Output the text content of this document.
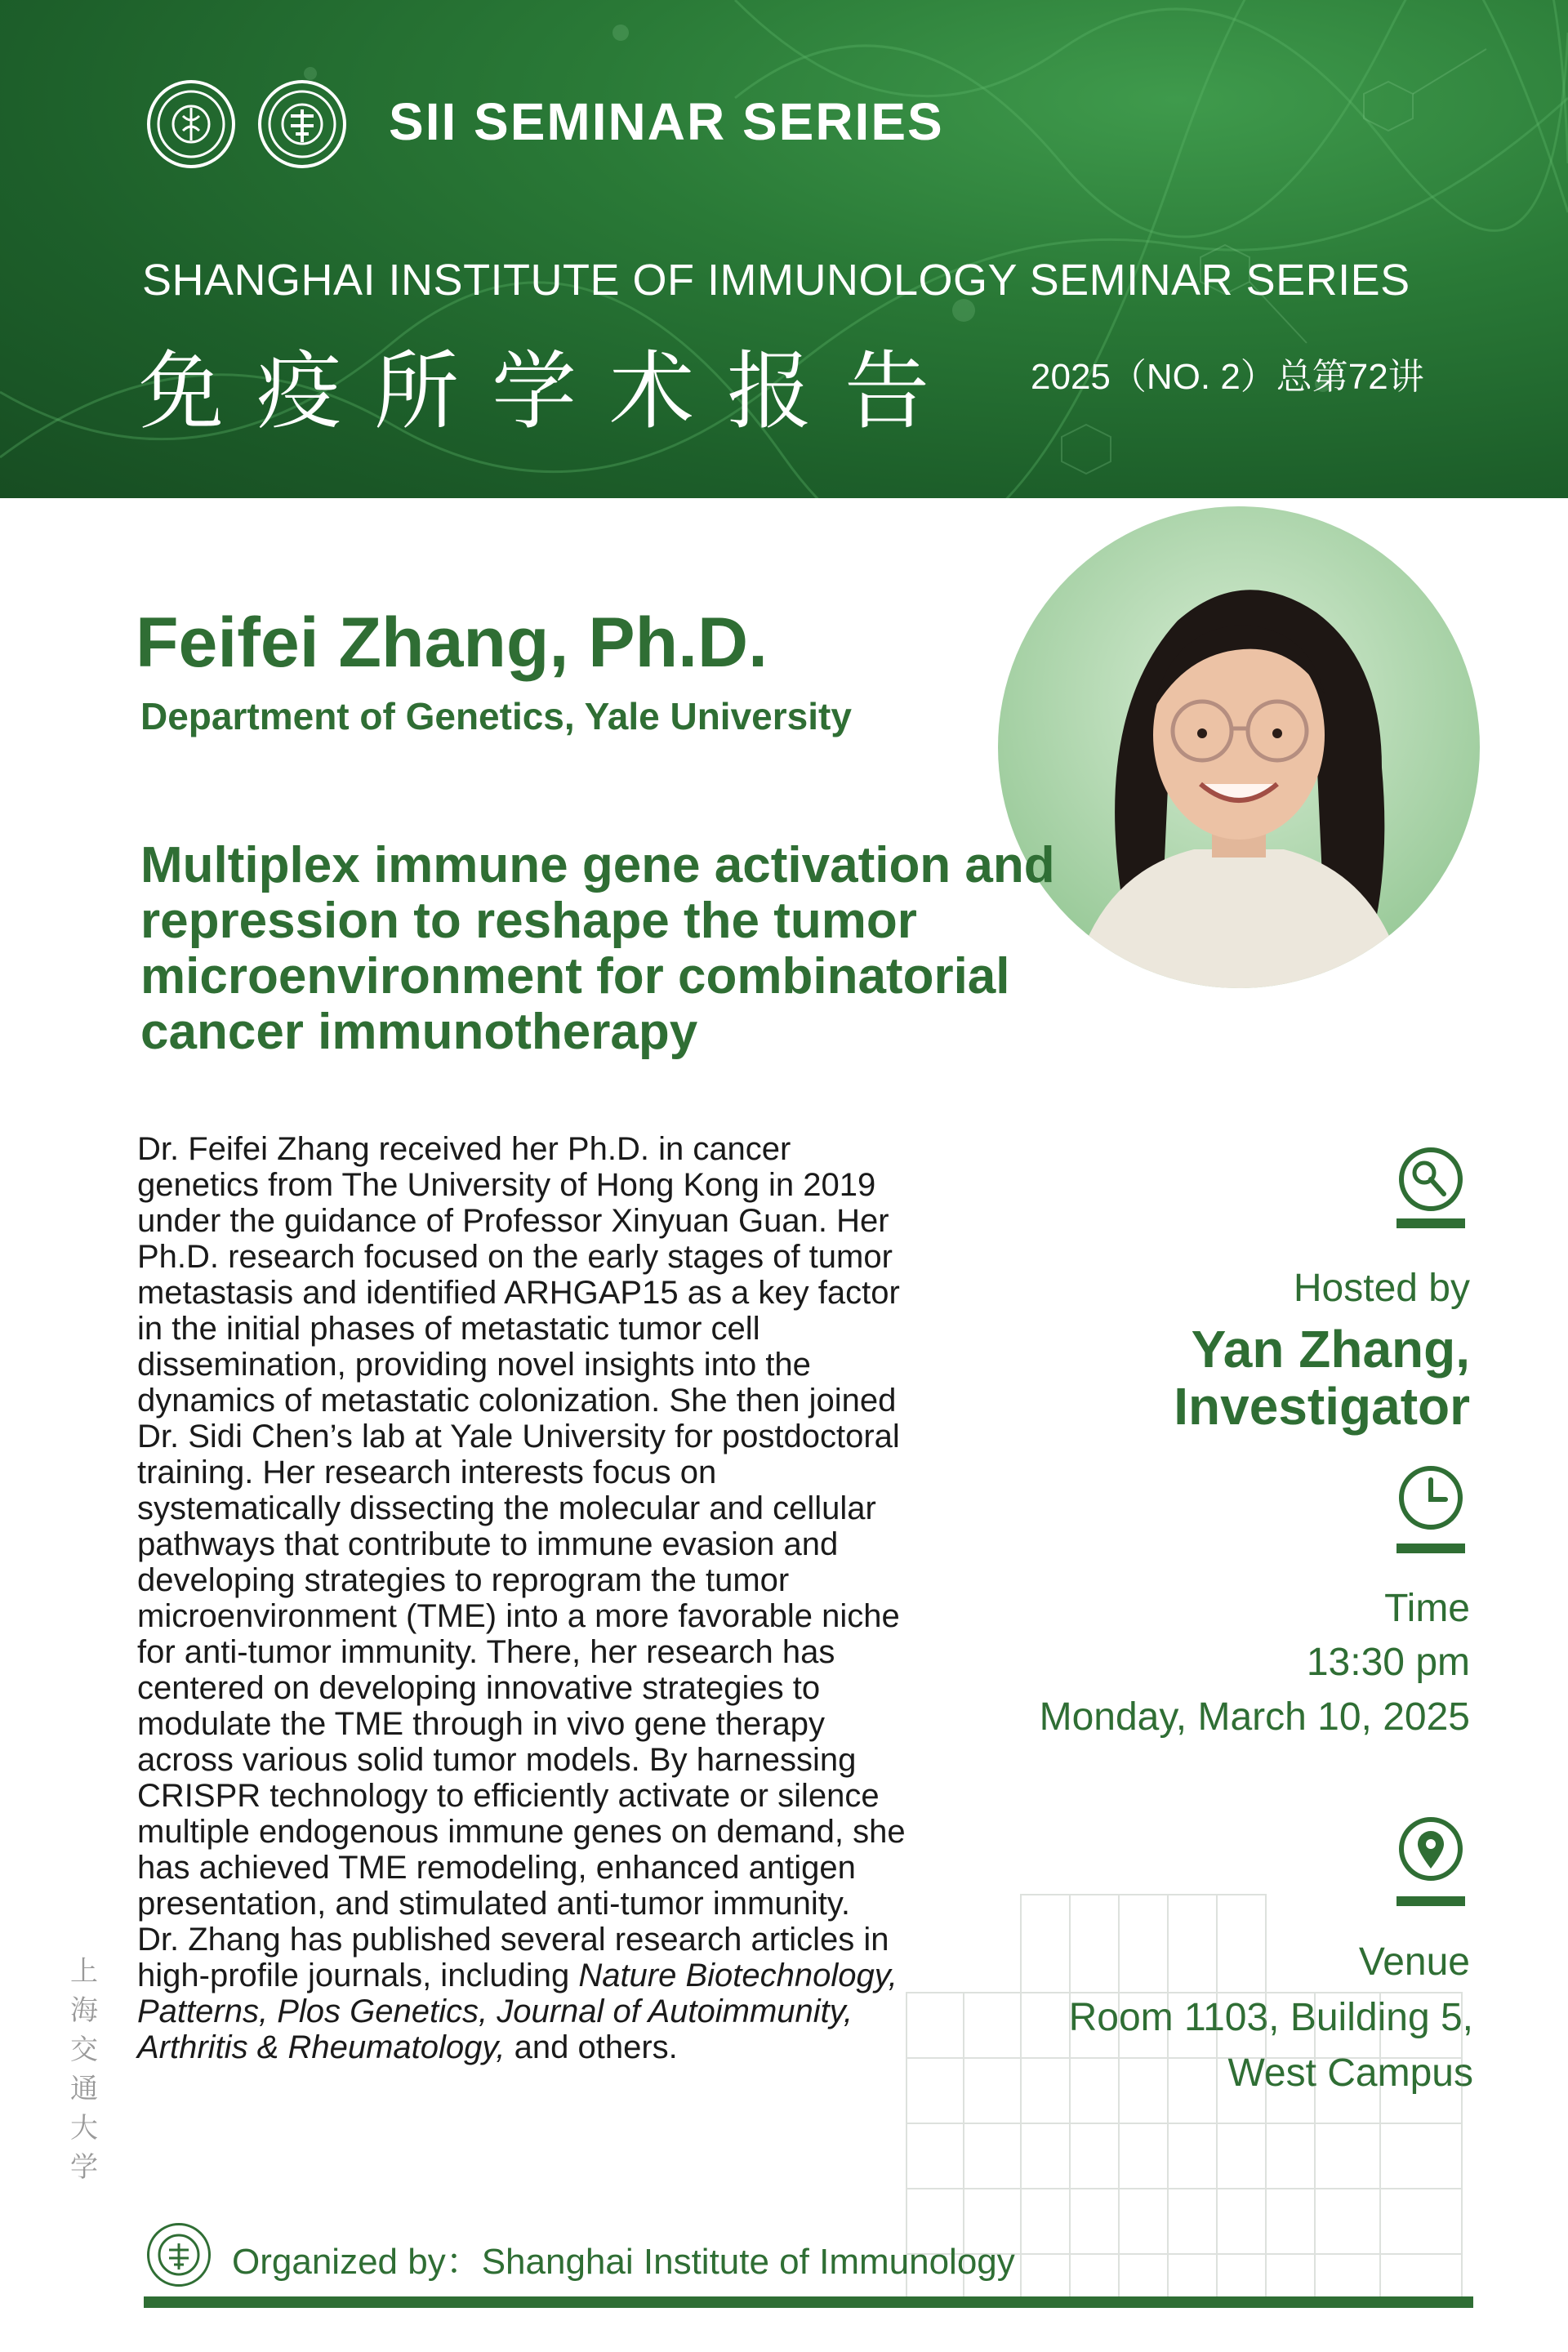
SII SEMINAR SERIES
SHANGHAI INSTITUTE OF IMMUNOLOGY SEMINAR SERIES
免疫所学术报告 2025（NO. 2）总第72讲
Feifei Zhang, Ph.D.
Department of Genetics, Yale University
Multiplex immune gene activation and repression to reshape the tumor microenvironment for combinatorial cancer immunotherapy

Dr. Feifei Zhang received her Ph.D. in cancer genetics from The University of Hong Kong in 2019 under the guidance of Professor Xinyuan Guan. Her Ph.D. research focused on the early stages of tumor metastasis and identified ARHGAP15 as a key factor in the initial phases of metastatic tumor cell dissemination, providing novel insights into the dynamics of metastatic colonization. She then joined Dr. Sidi Chen’s lab at Yale University for postdoctoral training. Her research interests focus on systematically dissecting the molecular and cellular pathways that contribute to immune evasion and developing strategies to reprogram the tumor microenvironment (TME) into a more favorable niche for anti-tumor immunity. There, her research has centered on developing innovative strategies to modulate the TME through in vivo gene therapy across various solid tumor models. By harnessing CRISPR technology to efficiently activate or silence multiple endogenous immune genes on demand, she has achieved TME remodeling, enhanced antigen presentation, and stimulated anti-tumor immunity.

Dr. Zhang has published several research articles in high-profile journals, including Nature Biotechnology, Patterns, Plos Genetics, Journal of Autoimmunity, Arthritis & Rheumatology, and others.

Hosted by
Yan Zhang,
Investigator
Time
13:30 pm
Monday, March 10, 2025
Venue
Room 1103, Building 5,
West Campus
上海交通大学
Organized by：Shanghai Institute of Immunology
